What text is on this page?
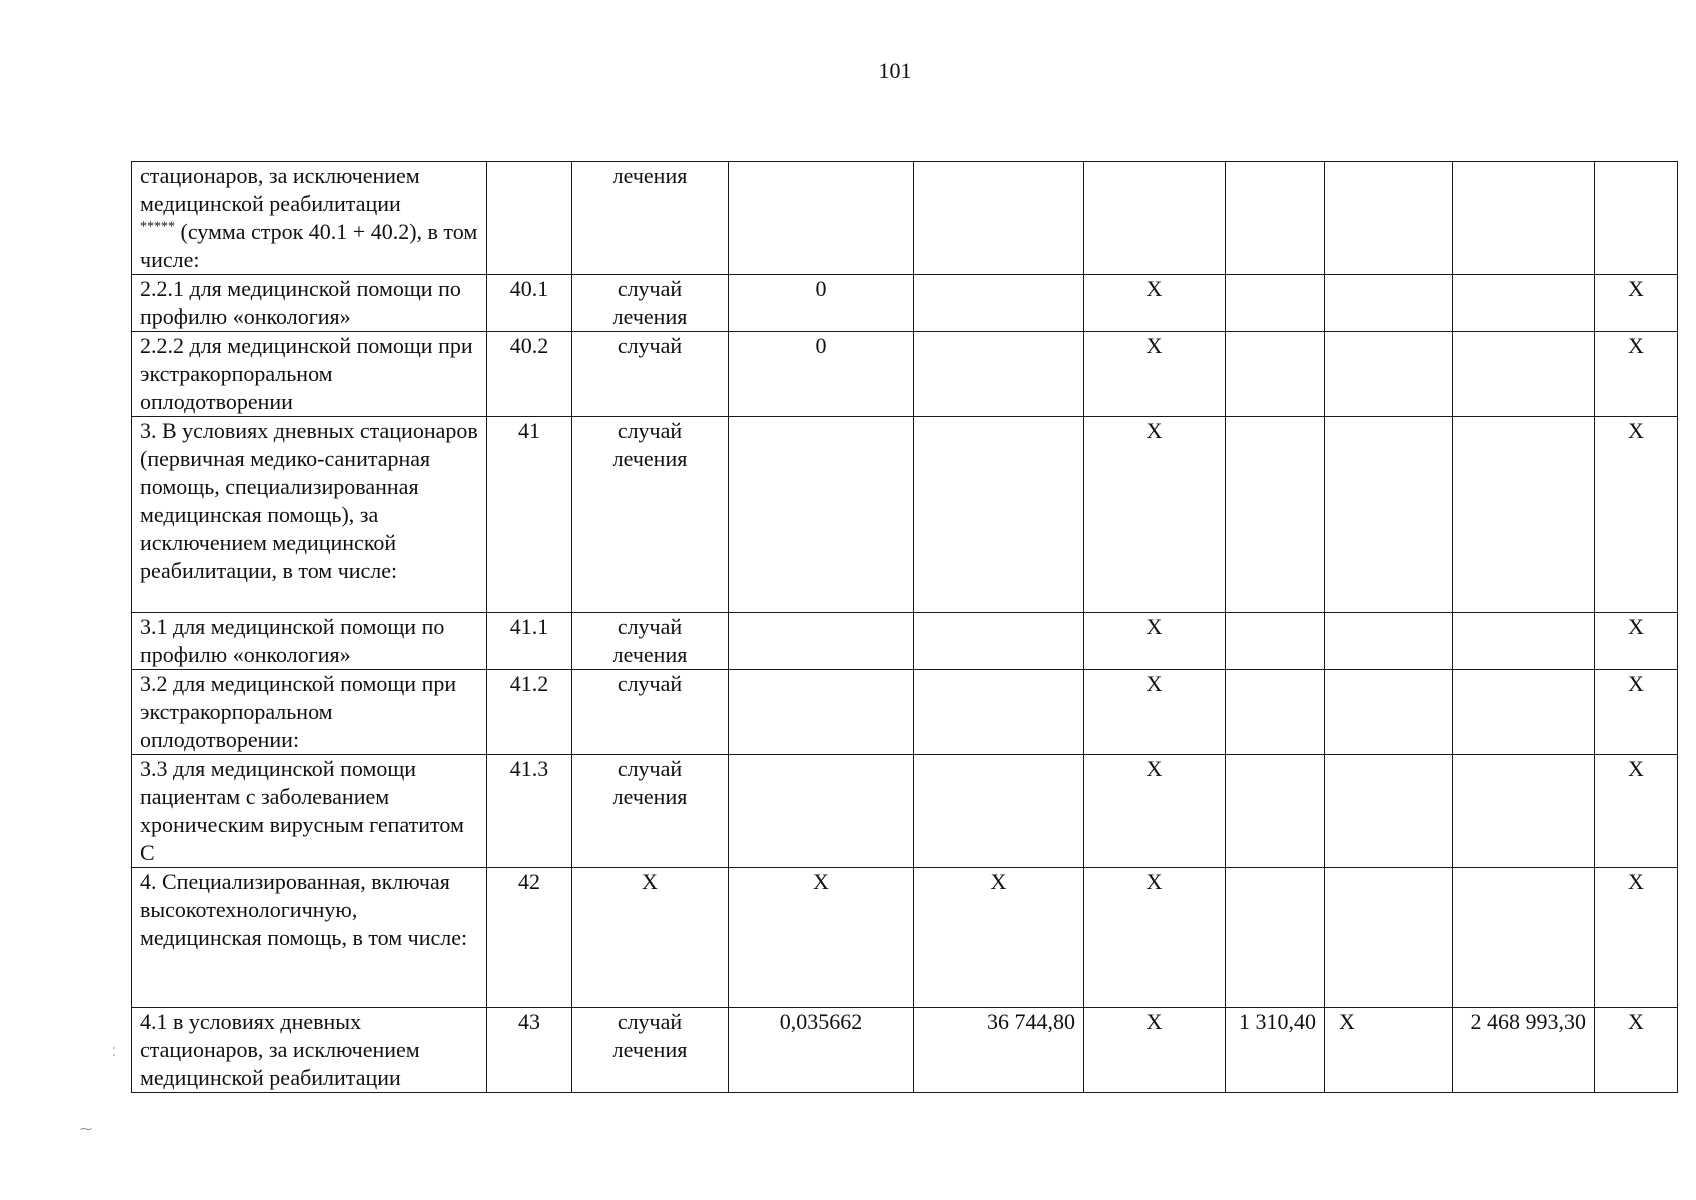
101
стационаров, за исключением медицинской реабилитации
***** (сумма строк 40.1 + 40.2), в том числе:		лечения							
2.2.1 для медицинской помощи по профилю «онкология»	40.1	случай лечения	0		X				X
2.2.2 для медицинской помощи при экстракорпоральном оплодотворении	40.2	случай	0		X				X
3. В условиях дневных стационаров (первичная медико-санитарная помощь, специализированная медицинская помощь), за исключением медицинской реабилитации, в том числе:	41	случай лечения			X				X
3.1 для медицинской помощи по профилю «онкология»	41.1	случай лечения			X				X
3.2 для медицинской помощи при экстракорпоральном оплодотворении:	41.2	случай			X				X
3.3 для медицинской помощи пациентам с заболеванием хроническим вирусным гепатитом С	41.3	случай лечения			X				X
4. Специализированная, включая высокотехнологичную, медицинская помощь, в том числе:	42	X	X	X	X				X
4.1 в условиях дневных стационаров, за исключением медицинской реабилитации	43	случай лечения	0,035662	36 744,80	X	1 310,40	X	2 468 993,30	X
⁚
⁓
